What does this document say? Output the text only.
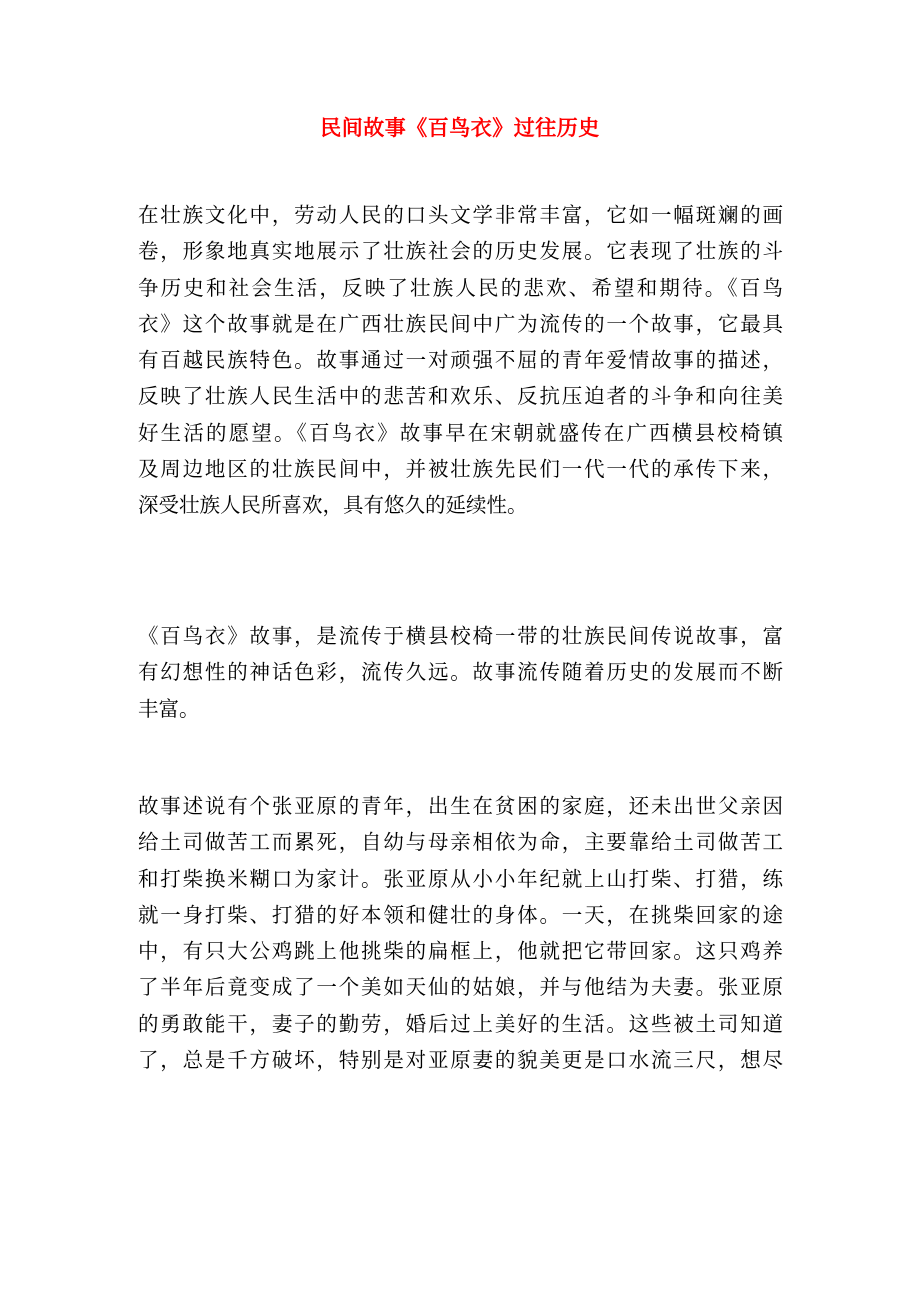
民间故事《百鸟衣》过往历史

在壮族文化中，劳动人民的口头文学非常丰富，它如一幅斑斓的画
卷，形象地真实地展示了壮族社会的历史发展。它表现了壮族的斗
争历史和社会生活，反映了壮族人民的悲欢、希望和期待。《百鸟
衣》这个故事就是在广西壮族民间中广为流传的一个故事，它最具
有百越民族特色。故事通过一对顽强不屈的青年爱情故事的描述，
反映了壮族人民生活中的悲苦和欢乐、反抗压迫者的斗争和向往美
好生活的愿望。《百鸟衣》故事早在宋朝就盛传在广西横县校椅镇
及周边地区的壮族民间中，并被壮族先民们一代一代的承传下来，
深受壮族人民所喜欢，具有悠久的延续性。

《百鸟衣》故事，是流传于横县校椅一带的壮族民间传说故事，富
有幻想性的神话色彩，流传久远。故事流传随着历史的发展而不断
丰富。

故事述说有个张亚原的青年，出生在贫困的家庭，还未出世父亲因
给土司做苦工而累死，自幼与母亲相依为命，主要靠给土司做苦工
和打柴换米糊口为家计。张亚原从小小年纪就上山打柴、打猎，练
就一身打柴、打猎的好本领和健壮的身体。一天，在挑柴回家的途
中，有只大公鸡跳上他挑柴的扁框上，他就把它带回家。这只鸡养
了半年后竟变成了一个美如天仙的姑娘，并与他结为夫妻。张亚原
的勇敢能干，妻子的勤劳，婚后过上美好的生活。这些被土司知道
了，总是千方破坏，特别是对亚原妻的貌美更是口水流三尺，想尽
